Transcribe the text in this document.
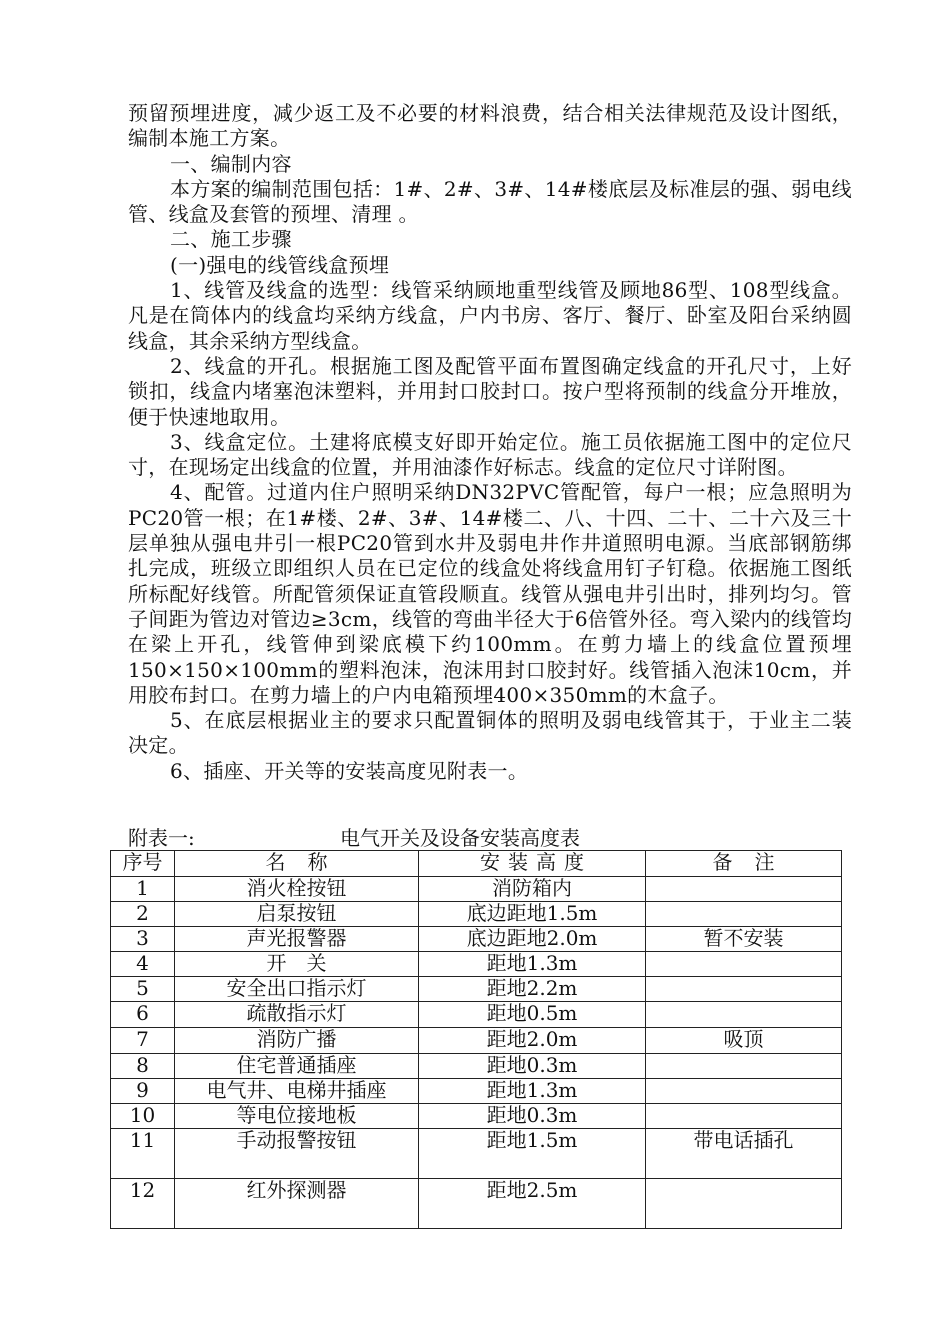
预留预埋进度，减少返工及不必要的材料浪费，结合相关法律规范及设计图纸，编制本施工方案。

一、编制内容

本方案的编制范围包括：1#、2#、3#、14#楼底层及标准层的强、弱电线管、线盒及套管的预埋、清理 。

二、施工步骤

(一)强电的线管线盒预埋

1、线管及线盒的选型：线管采纳顾地重型线管及顾地86型、108型线盒。凡是在筒体内的线盒均采纳方线盒，户内书房、客厅、餐厅、卧室及阳台采纳圆线盒，其余采纳方型线盒。

2、线盒的开孔。根据施工图及配管平面布置图确定线盒的开孔尺寸，上好锁扣，线盒内堵塞泡沫塑料，并用封口胶封口。按户型将预制的线盒分开堆放，便于快速地取用。

3、线盒定位。土建将底模支好即开始定位。施工员依据施工图中的定位尺寸，在现场定出线盒的位置，并用油漆作好标志。线盒的定位尺寸详附图。

4、配管。过道内住户照明采纳DN32PVC管配管，每户一根；应急照明为PC20管一根；在1#楼、2#、3#、14#楼二、八、十四、二十、二十六及三十层单独从强电井引一根PC20管到水井及弱电井作井道照明电源。当底部钢筋绑扎完成，班级立即组织人员在已定位的线盒处将线盒用钉子钉稳。依据施工图纸所标配好线管。所配管须保证直管段顺直。线管从强电井引出时，排列均匀。管子间距为管边对管边≥3cm，线管的弯曲半径大于6倍管外径。弯入梁内的线管均在梁上开孔，线管伸到梁底模下约100mm。在剪力墙上的线盒位置预埋150×150×100mm的塑料泡沫，泡沫用封口胶封好。线管插入泡沫10cm，并用胶布封口。在剪力墙上的户内电箱预埋400×350mm的木盒子。

5、在底层根据业主的要求只配置铜体的照明及弱电线管其于，于业主二装决定。

6、插座、开关等的安装高度见附表一。

附表一:	电气开关及设备安装高度表
序号	名称	安装高度	备注
1	消火栓按钮	消防箱内	
2	启泵按钮	底边距地1.5m	
3	声光报警器	底边距地2.0m	暂不安装
4	开　关	距地1.3m	
5	安全出口指示灯	距地2.2m	
6	疏散指示灯	距地0.5m	
7	消防广播	距地2.0m	吸顶
8	住宅普通插座	距地0.3m	
9	电气井、电梯井插座	距地1.3m	
10	等电位接地板	距地0.3m	
11	手动报警按钮	距地1.5m	带电话插孔
12	红外探测器	距地2.5m	
